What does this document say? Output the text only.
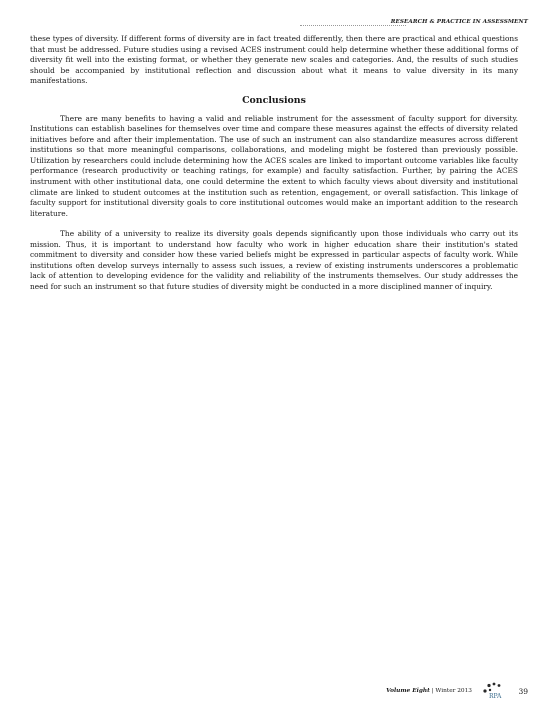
RESEARCH & PRACTICE IN ASSESSMENT

these types of diversity. If different forms of diversity are in fact treated differently, then there are practical and ethical questions that must be addressed. Future studies using a revised ACES instrument could help determine whether these additional forms of diversity fit well into the existing format, or whether they generate new scales and categories. And, the results of such studies should be accompanied by institutional reflection and discussion about what it means to value diversity in its many manifestations.

Conclusions

There are many benefits to having a valid and reliable instrument for the assessment of faculty support for diversity. Institutions can establish baselines for themselves over time and compare these measures against the effects of diversity related initiatives before and after their implementation. The use of such an instrument can also standardize measures across different institutions so that more meaningful comparisons, collaborations, and modeling might be fostered than previously possible. Utilization by researchers could include determining how the ACES scales are linked to important outcome variables like faculty performance (research productivity or teaching ratings, for example) and faculty satisfaction. Further, by pairing the ACES instrument with other institutional data, one could determine the extent to which faculty views about diversity and institutional climate are linked to student outcomes at the institution such as retention, engagement, or overall satisfaction. This linkage of faculty support for institutional diversity goals to core institutional outcomes would make an important addition to the research literature.

The ability of a university to realize its diversity goals depends significantly upon those individuals who carry out its mission. Thus, it is important to understand how faculty who work in higher education share their institution's stated commitment to diversity and consider how these varied beliefs might be expressed in particular aspects of faculty work. While institutions often develop surveys internally to assess such issues, a review of existing instruments underscores a problematic lack of attention to developing evidence for the validity and reliability of the instruments themselves. Our study addresses the need for such an instrument so that future studies of diversity might be conducted in a more disciplined manner of inquiry.

Volume Eight | Winter 2013
RPA
39
